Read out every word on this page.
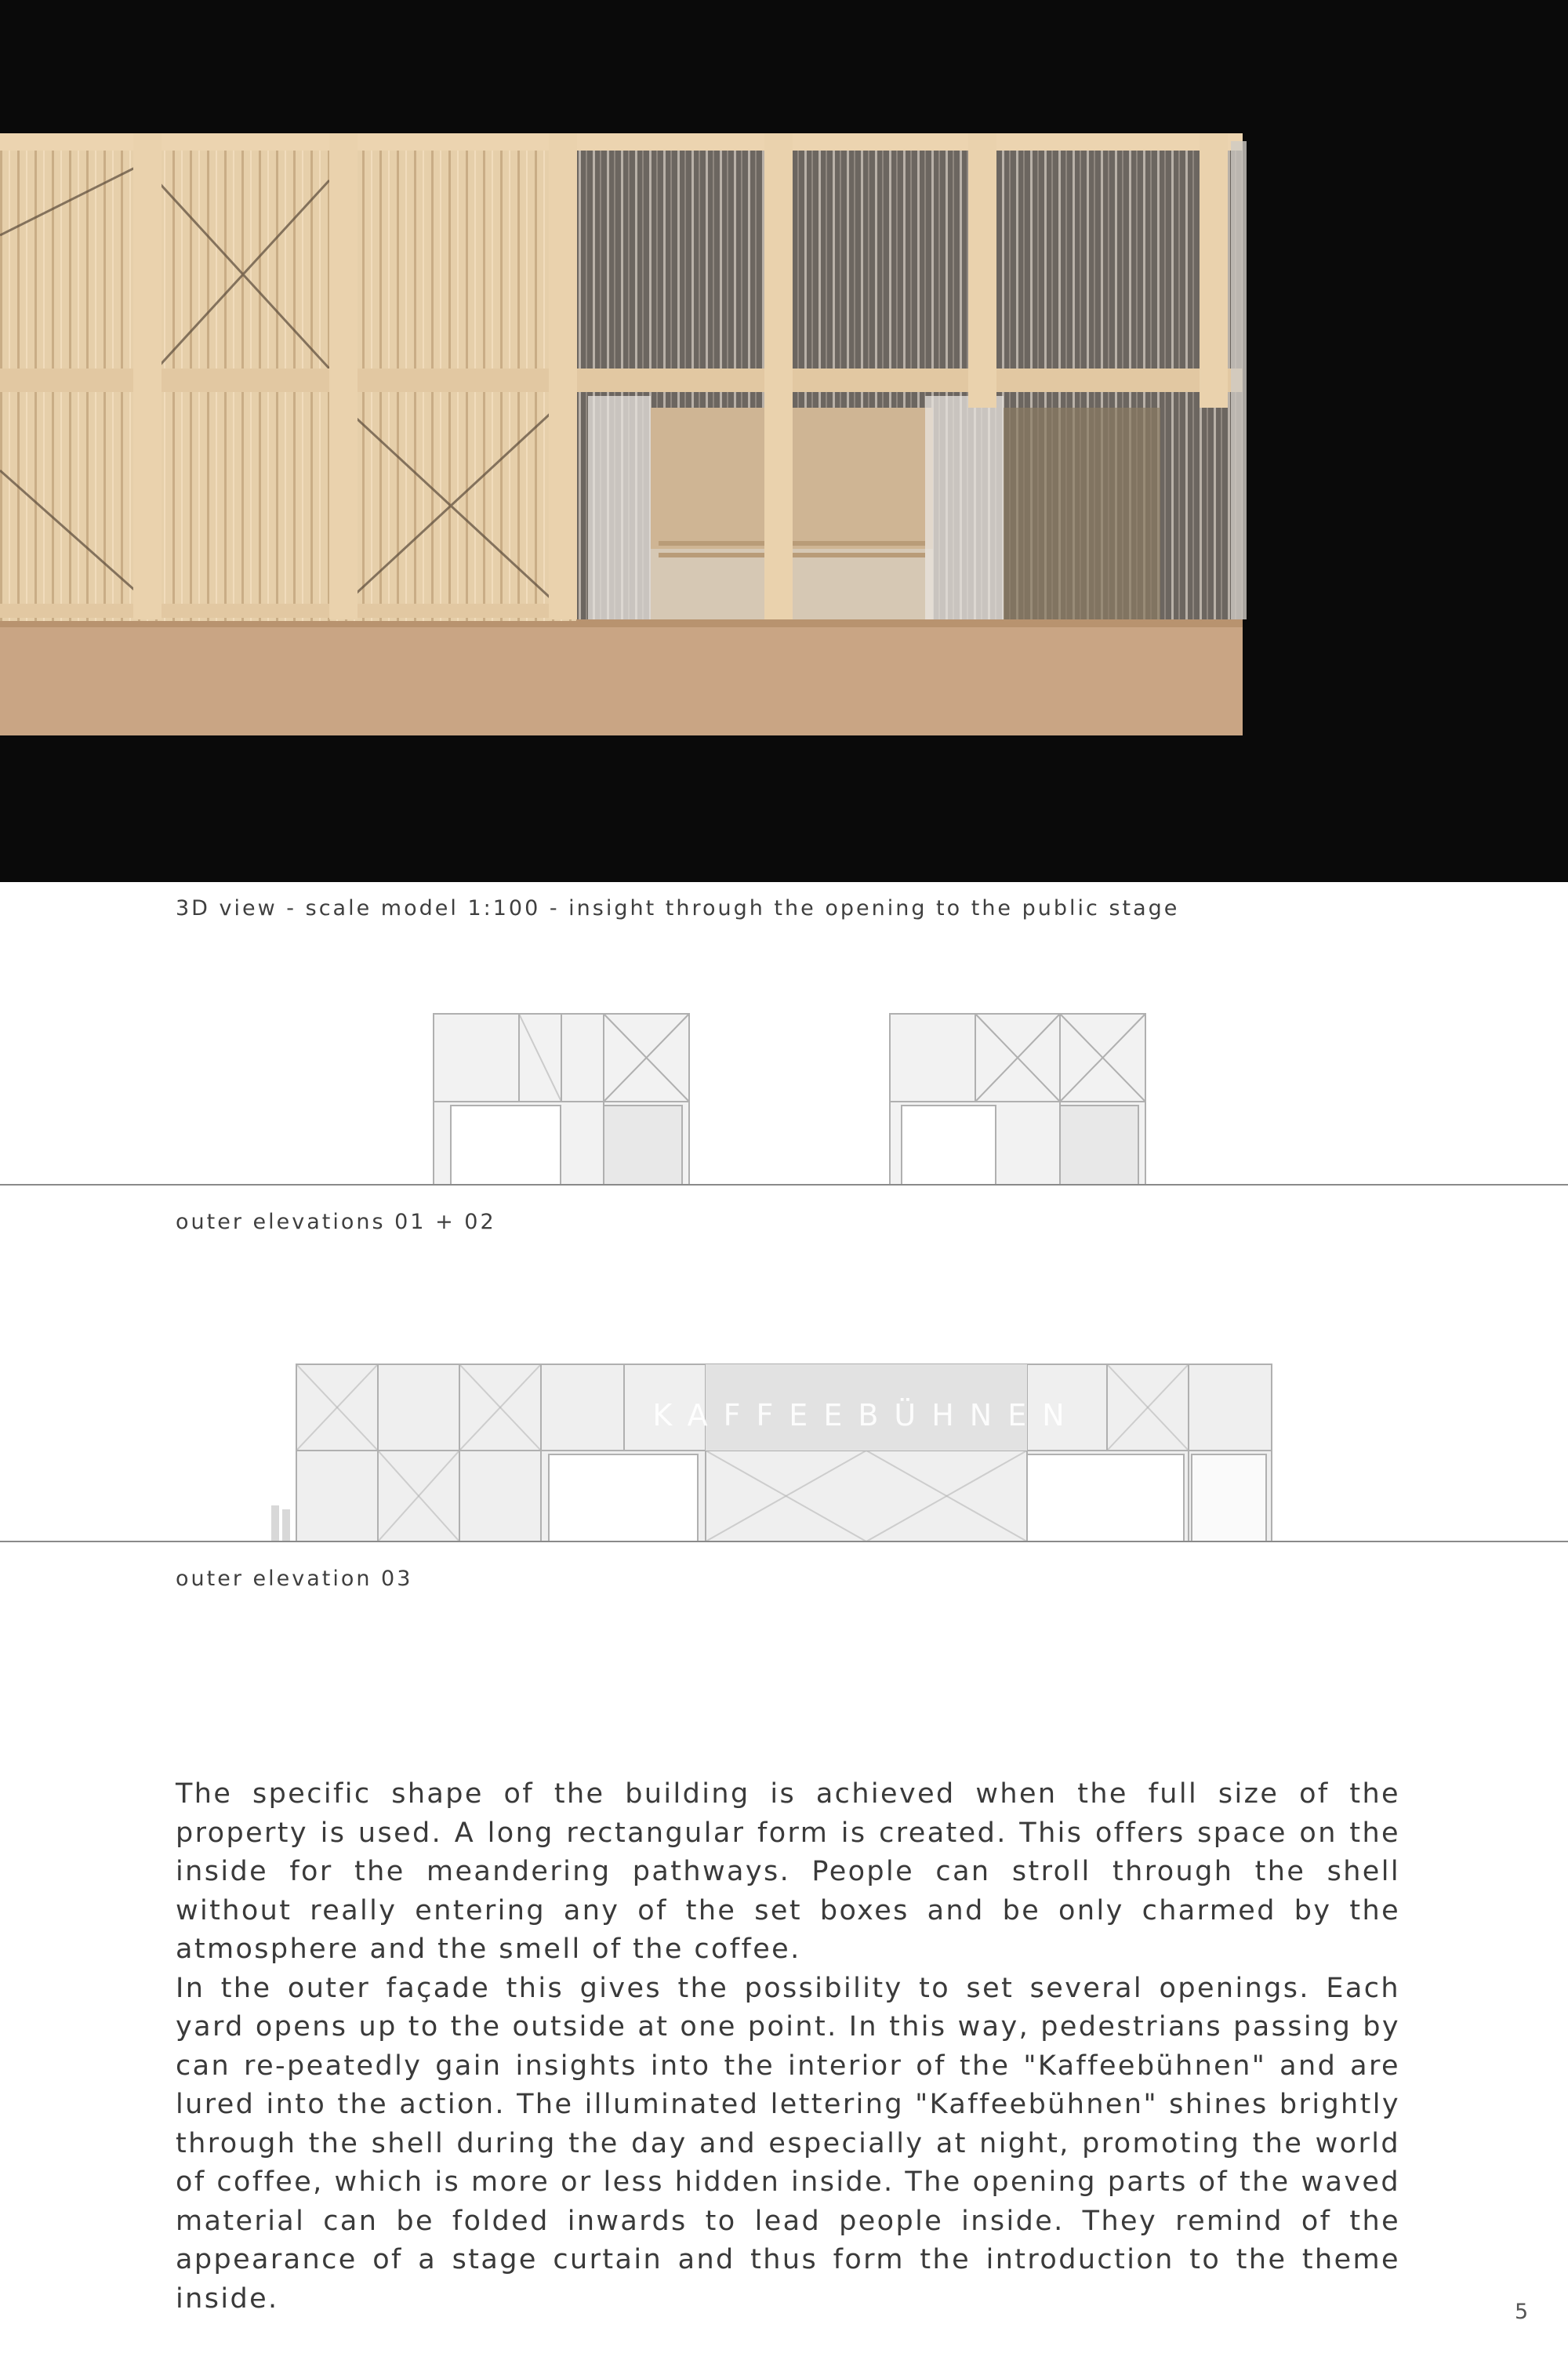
3D view - scale model 1:100 - insight through the opening to the public stage
outer elevations 01 + 02
KAFFEEBÜHNEN
outer elevation 03

The specific shape of the building is achieved when the full size of the property is used. A long rectangular form is created. This offers space on the inside for the meandering pathways. People can stroll through the shell without really entering any of the set boxes and be only charmed by the atmosphere and the smell of the coffee.

In the outer façade this gives the possibility to set several openings. Each yard opens up to the outside at one point. In this way, pedestrians passing by can re-peatedly gain insights into the interior of the "Kaffeebühnen" and are lured into the action. The illuminated lettering "Kaffeebühnen" shines brightly through the shell during the day and especially at night, promoting the world of coffee, which is more or less hidden inside. The opening parts of the waved material can be folded inwards to lead people inside. They remind of the appearance of a stage curtain and thus form the introduction to the theme inside.	5
